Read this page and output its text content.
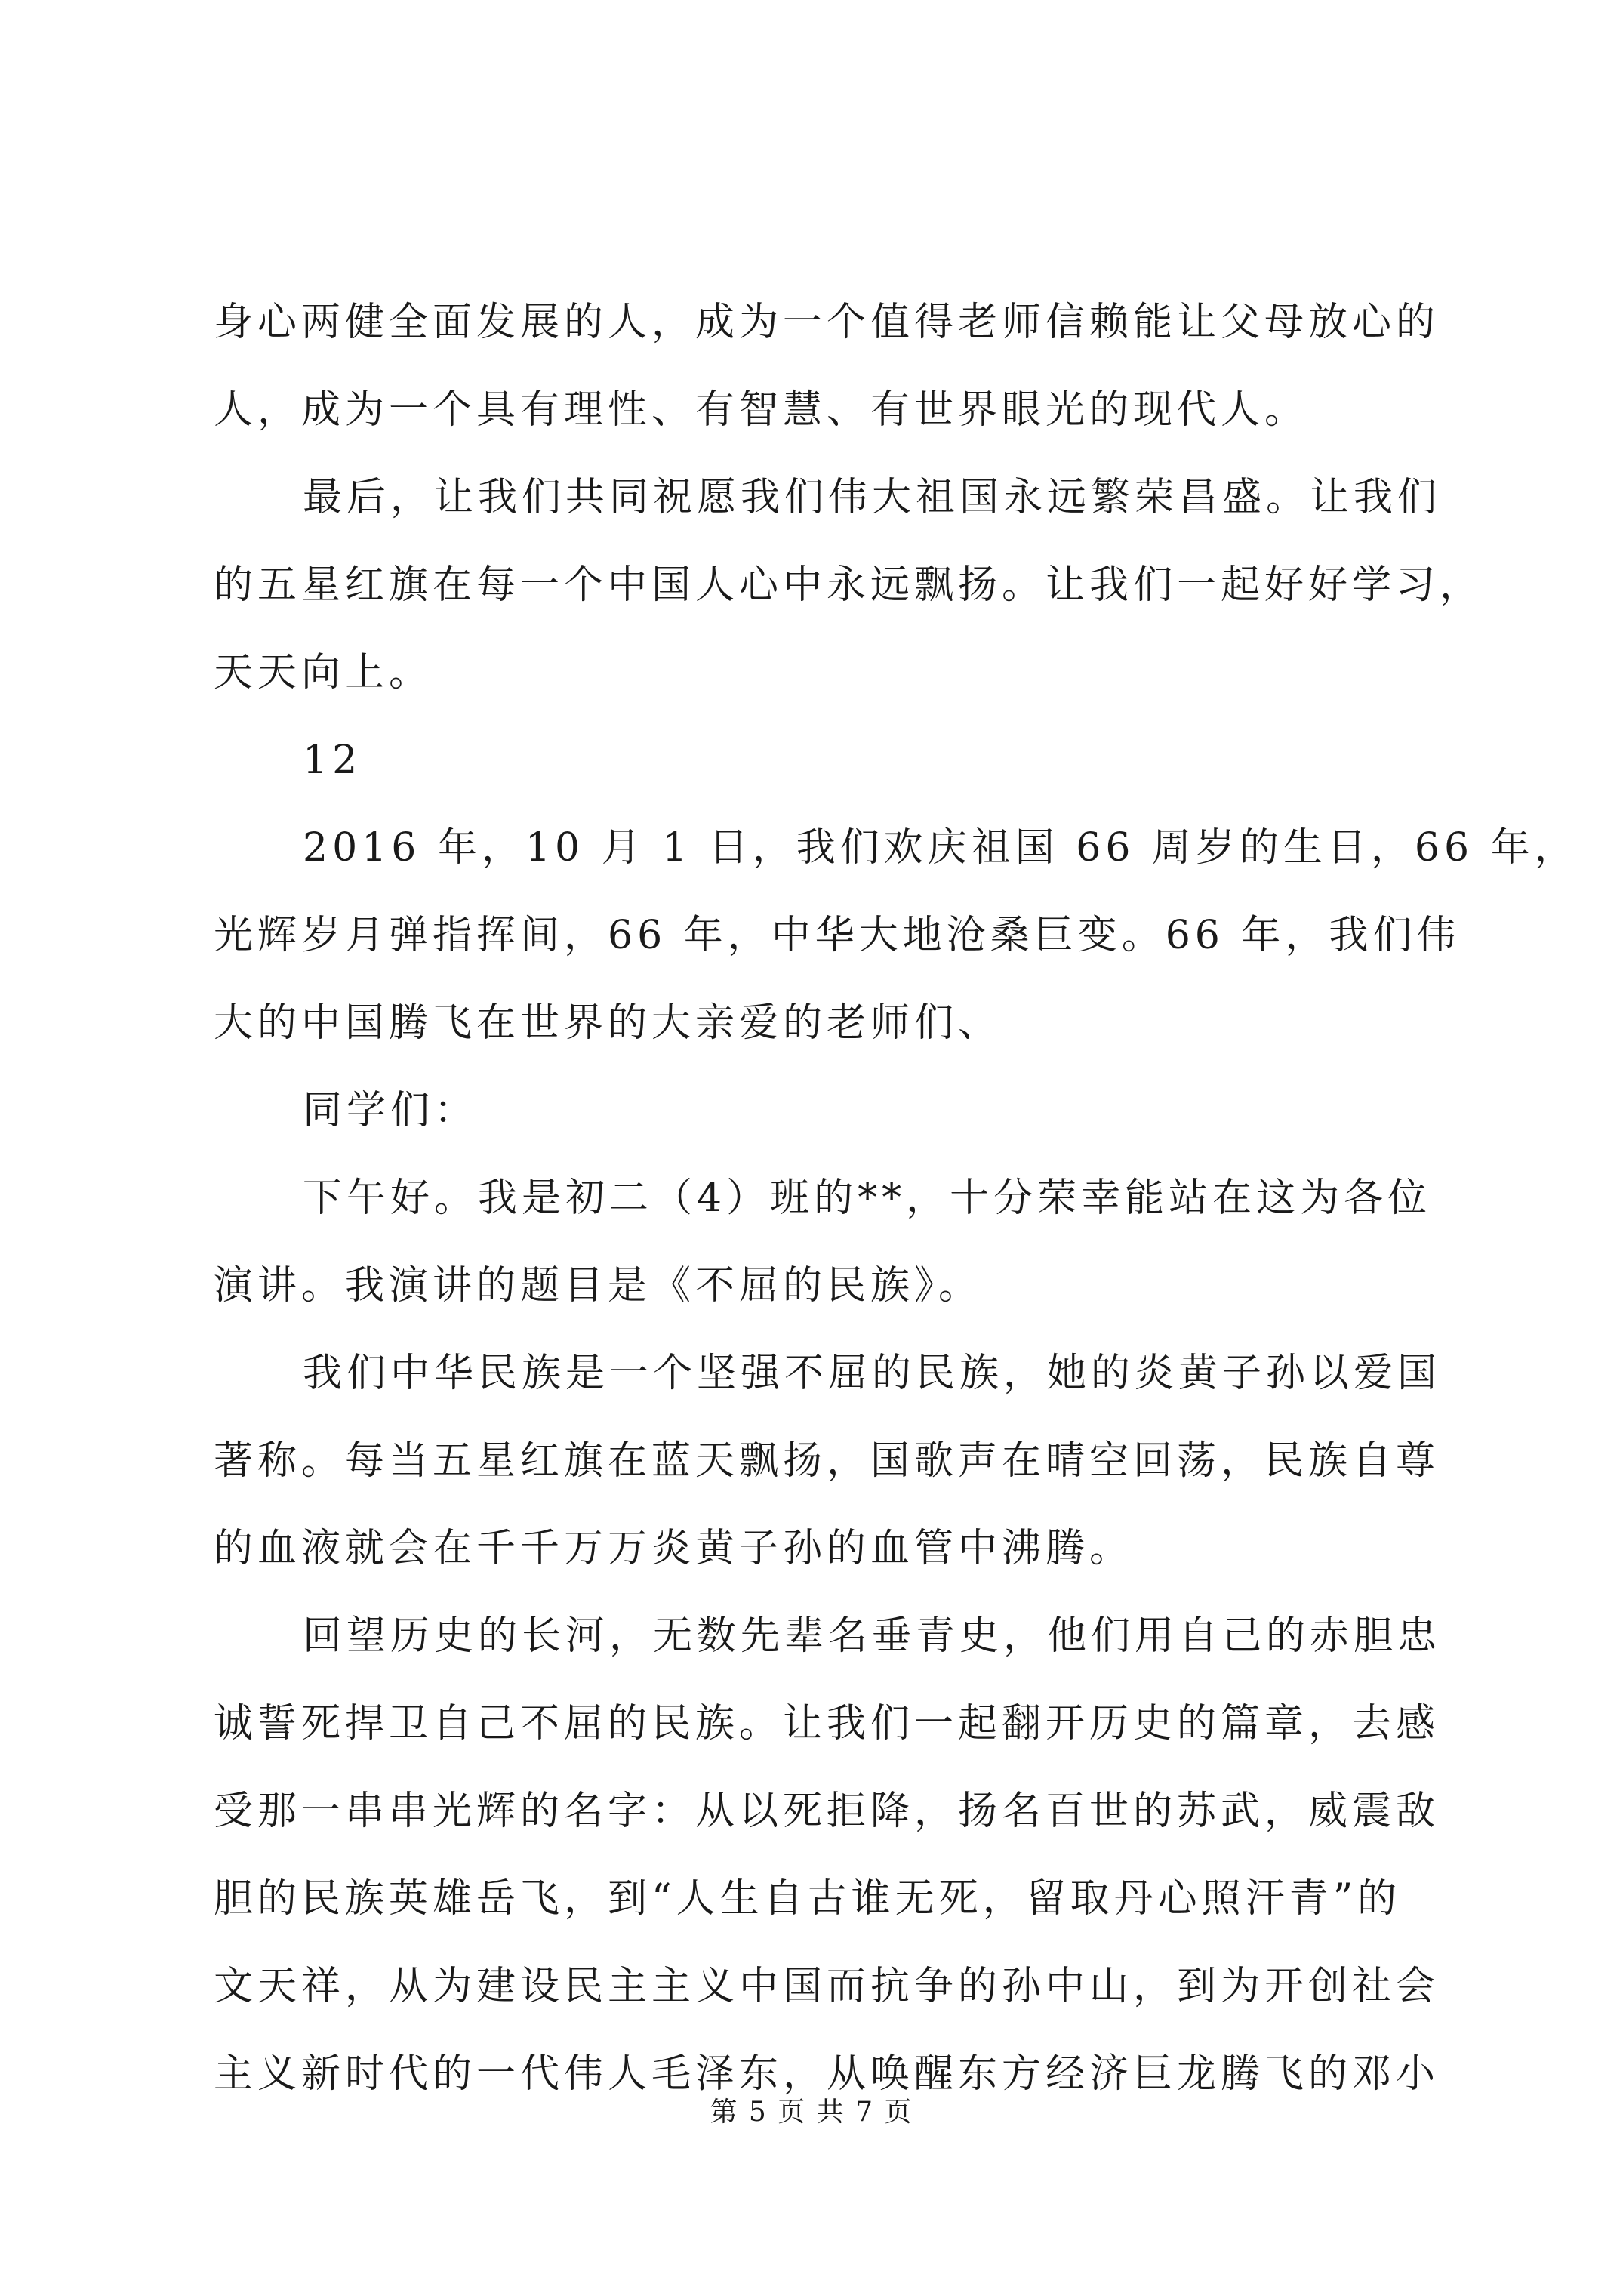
身心两健全面发展的人，成为一个值得老师信赖能让父母放心的
人，成为一个具有理性、有智慧、有世界眼光的现代人。
最后，让我们共同祝愿我们伟大祖国永远繁荣昌盛。让我们
的五星红旗在每一个中国人心中永远飘扬。让我们一起好好学习，
天天向上。
12
2016 年，10 月 1 日，我们欢庆祖国 66 周岁的生日，66 年，
光辉岁月弹指挥间，66 年，中华大地沧桑巨变。66 年，我们伟
大的中国腾飞在世界的大亲爱的老师们、
同学们：
下午好。我是初二（4）班的**，十分荣幸能站在这为各位
演讲。我演讲的题目是《不屈的民族》。
我们中华民族是一个坚强不屈的民族，她的炎黄子孙以爱国
著称。每当五星红旗在蓝天飘扬，国歌声在晴空回荡，民族自尊
的血液就会在千千万万炎黄子孙的血管中沸腾。
回望历史的长河，无数先辈名垂青史，他们用自己的赤胆忠
诚誓死捍卫自己不屈的民族。让我们一起翻开历史的篇章，去感
受那一串串光辉的名字：从以死拒降，扬名百世的苏武，威震敌
胆的民族英雄岳飞，到“人生自古谁无死，留取丹心照汗青”的
文天祥，从为建设民主主义中国而抗争的孙中山，到为开创社会
主义新时代的一代伟人毛泽东，从唤醒东方经济巨龙腾飞的邓小
第 5 页 共 7 页
